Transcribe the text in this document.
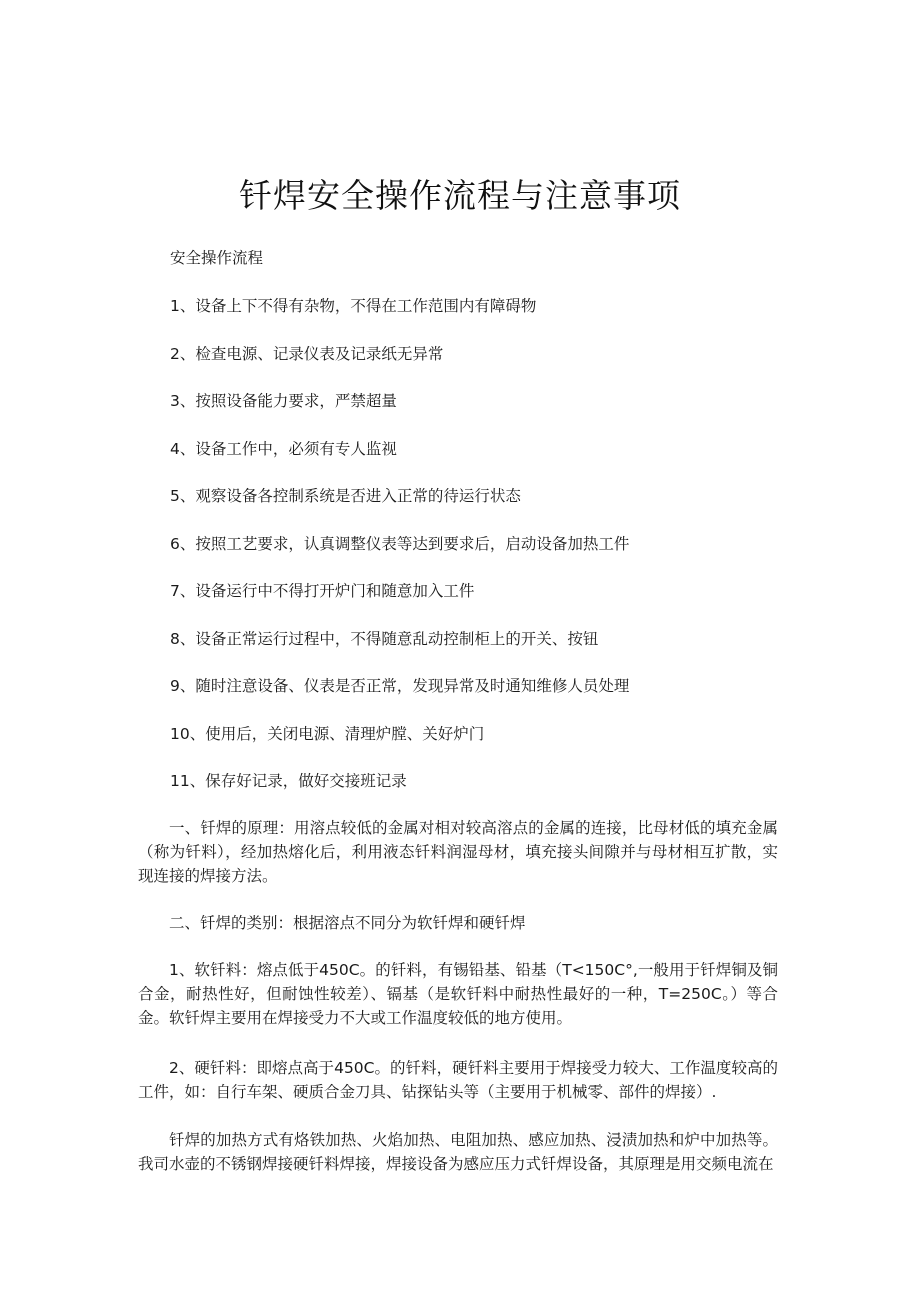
钎焊安全操作流程与注意事项

安全操作流程

1、设备上下不得有杂物，不得在工作范围内有障碍物

2、检查电源、记录仪表及记录纸无异常

3、按照设备能力要求，严禁超量

4、设备工作中，必须有专人监视

5、观察设备各控制系统是否进入正常的待运行状态

6、按照工艺要求，认真调整仪表等达到要求后，启动设备加热工件

7、设备运行中不得打开炉门和随意加入工件

8、设备正常运行过程中，不得随意乱动控制柜上的开关、按钮

9、随时注意设备、仪表是否正常，发现异常及时通知维修人员处理

10、使用后，关闭电源、清理炉膛、关好炉门

11、保存好记录，做好交接班记录

一、钎焊的原理：用溶点较低的金属对相对较高溶点的金属的连接，比母材低的填充金属（称为钎料），经加热熔化后，利用液态钎料润湿母材，填充接头间隙并与母材相互扩散，实现连接的焊接方法。

二、钎焊的类别：根据溶点不同分为软钎焊和硬钎焊

1、软钎料：熔点低于450C。的钎料，有锡铅基、铅基（T<150C°,一般用于钎焊铜及铜合金，耐热性好，但耐蚀性较差）、镉基（是软钎料中耐热性最好的一种，T=250C。）等合金。软钎焊主要用在焊接受力不大或工作温度较低的地方使用。

2、硬钎料：即熔点高于450C。的钎料，硬钎料主要用于焊接受力较大、工作温度较高的工件，如：自行车架、硬质合金刀具、钻探钻头等（主要用于机械零、部件的焊接）.

钎焊的加热方式有烙铁加热、火焰加热、电阻加热、感应加热、浸渍加热和炉中加热等。我司水壶的不锈钢焊接硬钎料焊接，焊接设备为感应压力式钎焊设备，其原理是用交频电流在
